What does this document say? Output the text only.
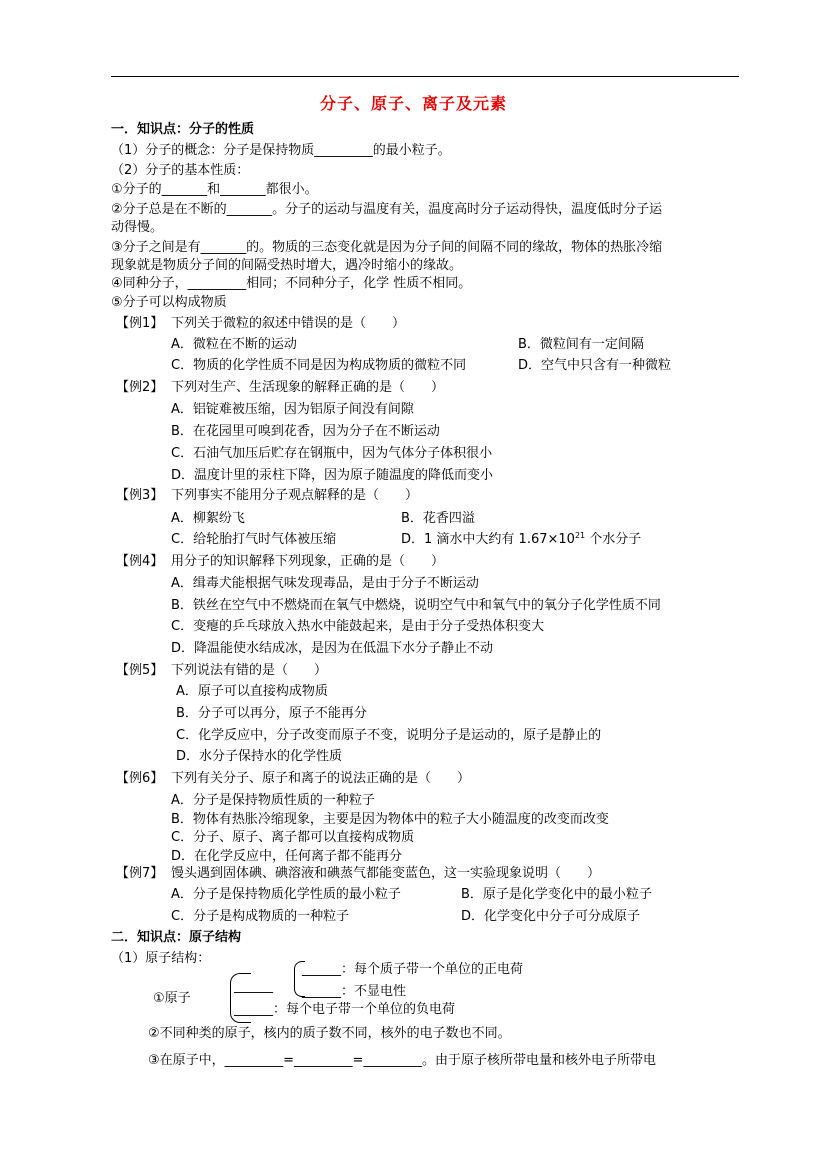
分子、原子、离子及元素
一．知识点：分子的性质
（1）分子的概念：分子是保持物质_________的最小粒子。
（2）分子的基本性质：
①分子的_______和_______都很小。
②分子总是在不断的_______。分子的运动与温度有关，温度高时分子运动得快，温度低时分子运
动得慢。
③分子之间是有_______的。物质的三态变化就是因为分子间的间隔不同的缘故，物体的热胀冷缩
现象就是物质分子间的间隔受热时增大，遇冷时缩小的缘故。
④同种分子，_________相同；不同种分子，化学 性质不相同。
⑤分子可以构成物质
【例1】 下列关于微粒的叙述中错误的是（　　）
A．微粒在不断的运动	B．微粒间有一定间隔
C．物质的化学性质不同是因为构成物质的微粒不同	D．空气中只含有一种微粒
【例2】 下列对生产、生活现象的解释正确的是（　　）
A．铝锭难被压缩，因为铝原子间没有间隙
B．在花园里可嗅到花香，因为分子在不断运动
C．石油气加压后贮存在钢瓶中，因为气体分子体积很小
D．温度计里的汞柱下降，因为原子随温度的降低而变小
【例3】 下列事实不能用分子观点解释的是（　　）
A．柳絮纷飞	B．花香四溢
C．给轮胎打气时气体被压缩	D．1 滴水中大约有 $1.67\times 10^{21}$ 个水分子
【例4】 用分子的知识解释下列现象，正确的是（　　）
A．缉毒犬能根据气味发现毒品，是由于分子不断运动
B．铁丝在空气中不燃烧而在氧气中燃烧，说明空气中和氧气中的氧分子化学性质不同
C．变瘪的乒乓球放入热水中能鼓起来，是由于分子受热体积变大
D．降温能使水结成冰，是因为在低温下水分子静止不动
【例5】 下列说法有错的是（　　）
A．原子可以直接构成物质
B．分子可以再分，原子不能再分
C．化学反应中，分子改变而原子不变，说明分子是运动的，原子是静止的
D．水分子保持水的化学性质
【例6】 下列有关分子、原子和离子的说法正确的是（　　）
A．分子是保持物质性质的一种粒子
B．物体有热胀冷缩现象，主要是因为物体中的粒子大小随温度的改变而改变
C．分子、原子、离子都可以直接构成物质
D．在化学反应中，任何离子都不能再分
【例7】 馒头遇到固体碘、碘溶液和碘蒸气都能变蓝色，这一实验现象说明（　　）
A．分子是保持物质化学性质的最小粒子	B．原子是化学变化中的最小粒子
C．分子是构成物质的一种粒子	D．化学变化中分子可分成原子
二．知识点：原子结构
（1）原子结构：
①原子
______
______：每个质子带一个单位的正电荷
______：不显电性
______：每个电子带一个单位的负电荷
②不同种类的原子，核内的质子数不同，核外的电子数也不同。
③在原子中，_________=_________=_________。由于原子核所带电量和核外电子所带电
